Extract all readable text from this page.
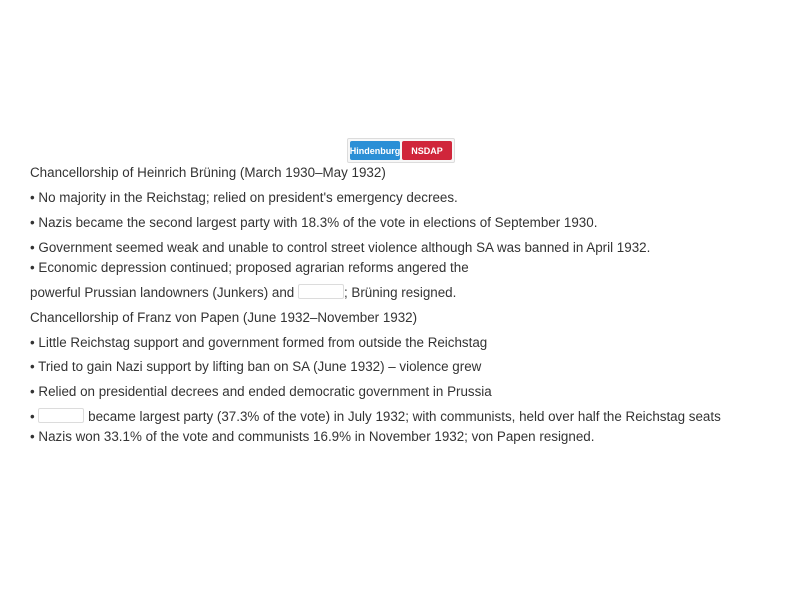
Hindenburg	NSDAP
Chancellorship of Heinrich Brüning (March 1930–May 1932)
• No majority in the Reichstag; relied on president's emergency decrees.
• Nazis became the second largest party with 18.3% of the vote in elections of September 1930.
• Government seemed weak and unable to control street violence although SA was banned in April 1932.
• Economic depression continued; proposed agrarian reforms angered the
powerful Prussian landowners (Junkers) and	; Brüning resigned.
Chancellorship of Franz von Papen (June 1932–November 1932)
• Little Reichstag support and government formed from outside the Reichstag
• Tried to gain Nazi support by lifting ban on SA (June 1932) – violence grew
• Relied on presidential decrees and ended democratic government in Prussia
•	became largest party (37.3% of the vote) in July 1932; with communists, held over half the Reichstag seats
• Nazis won 33.1% of the vote and communists 16.9% in November 1932; von Papen resigned.
